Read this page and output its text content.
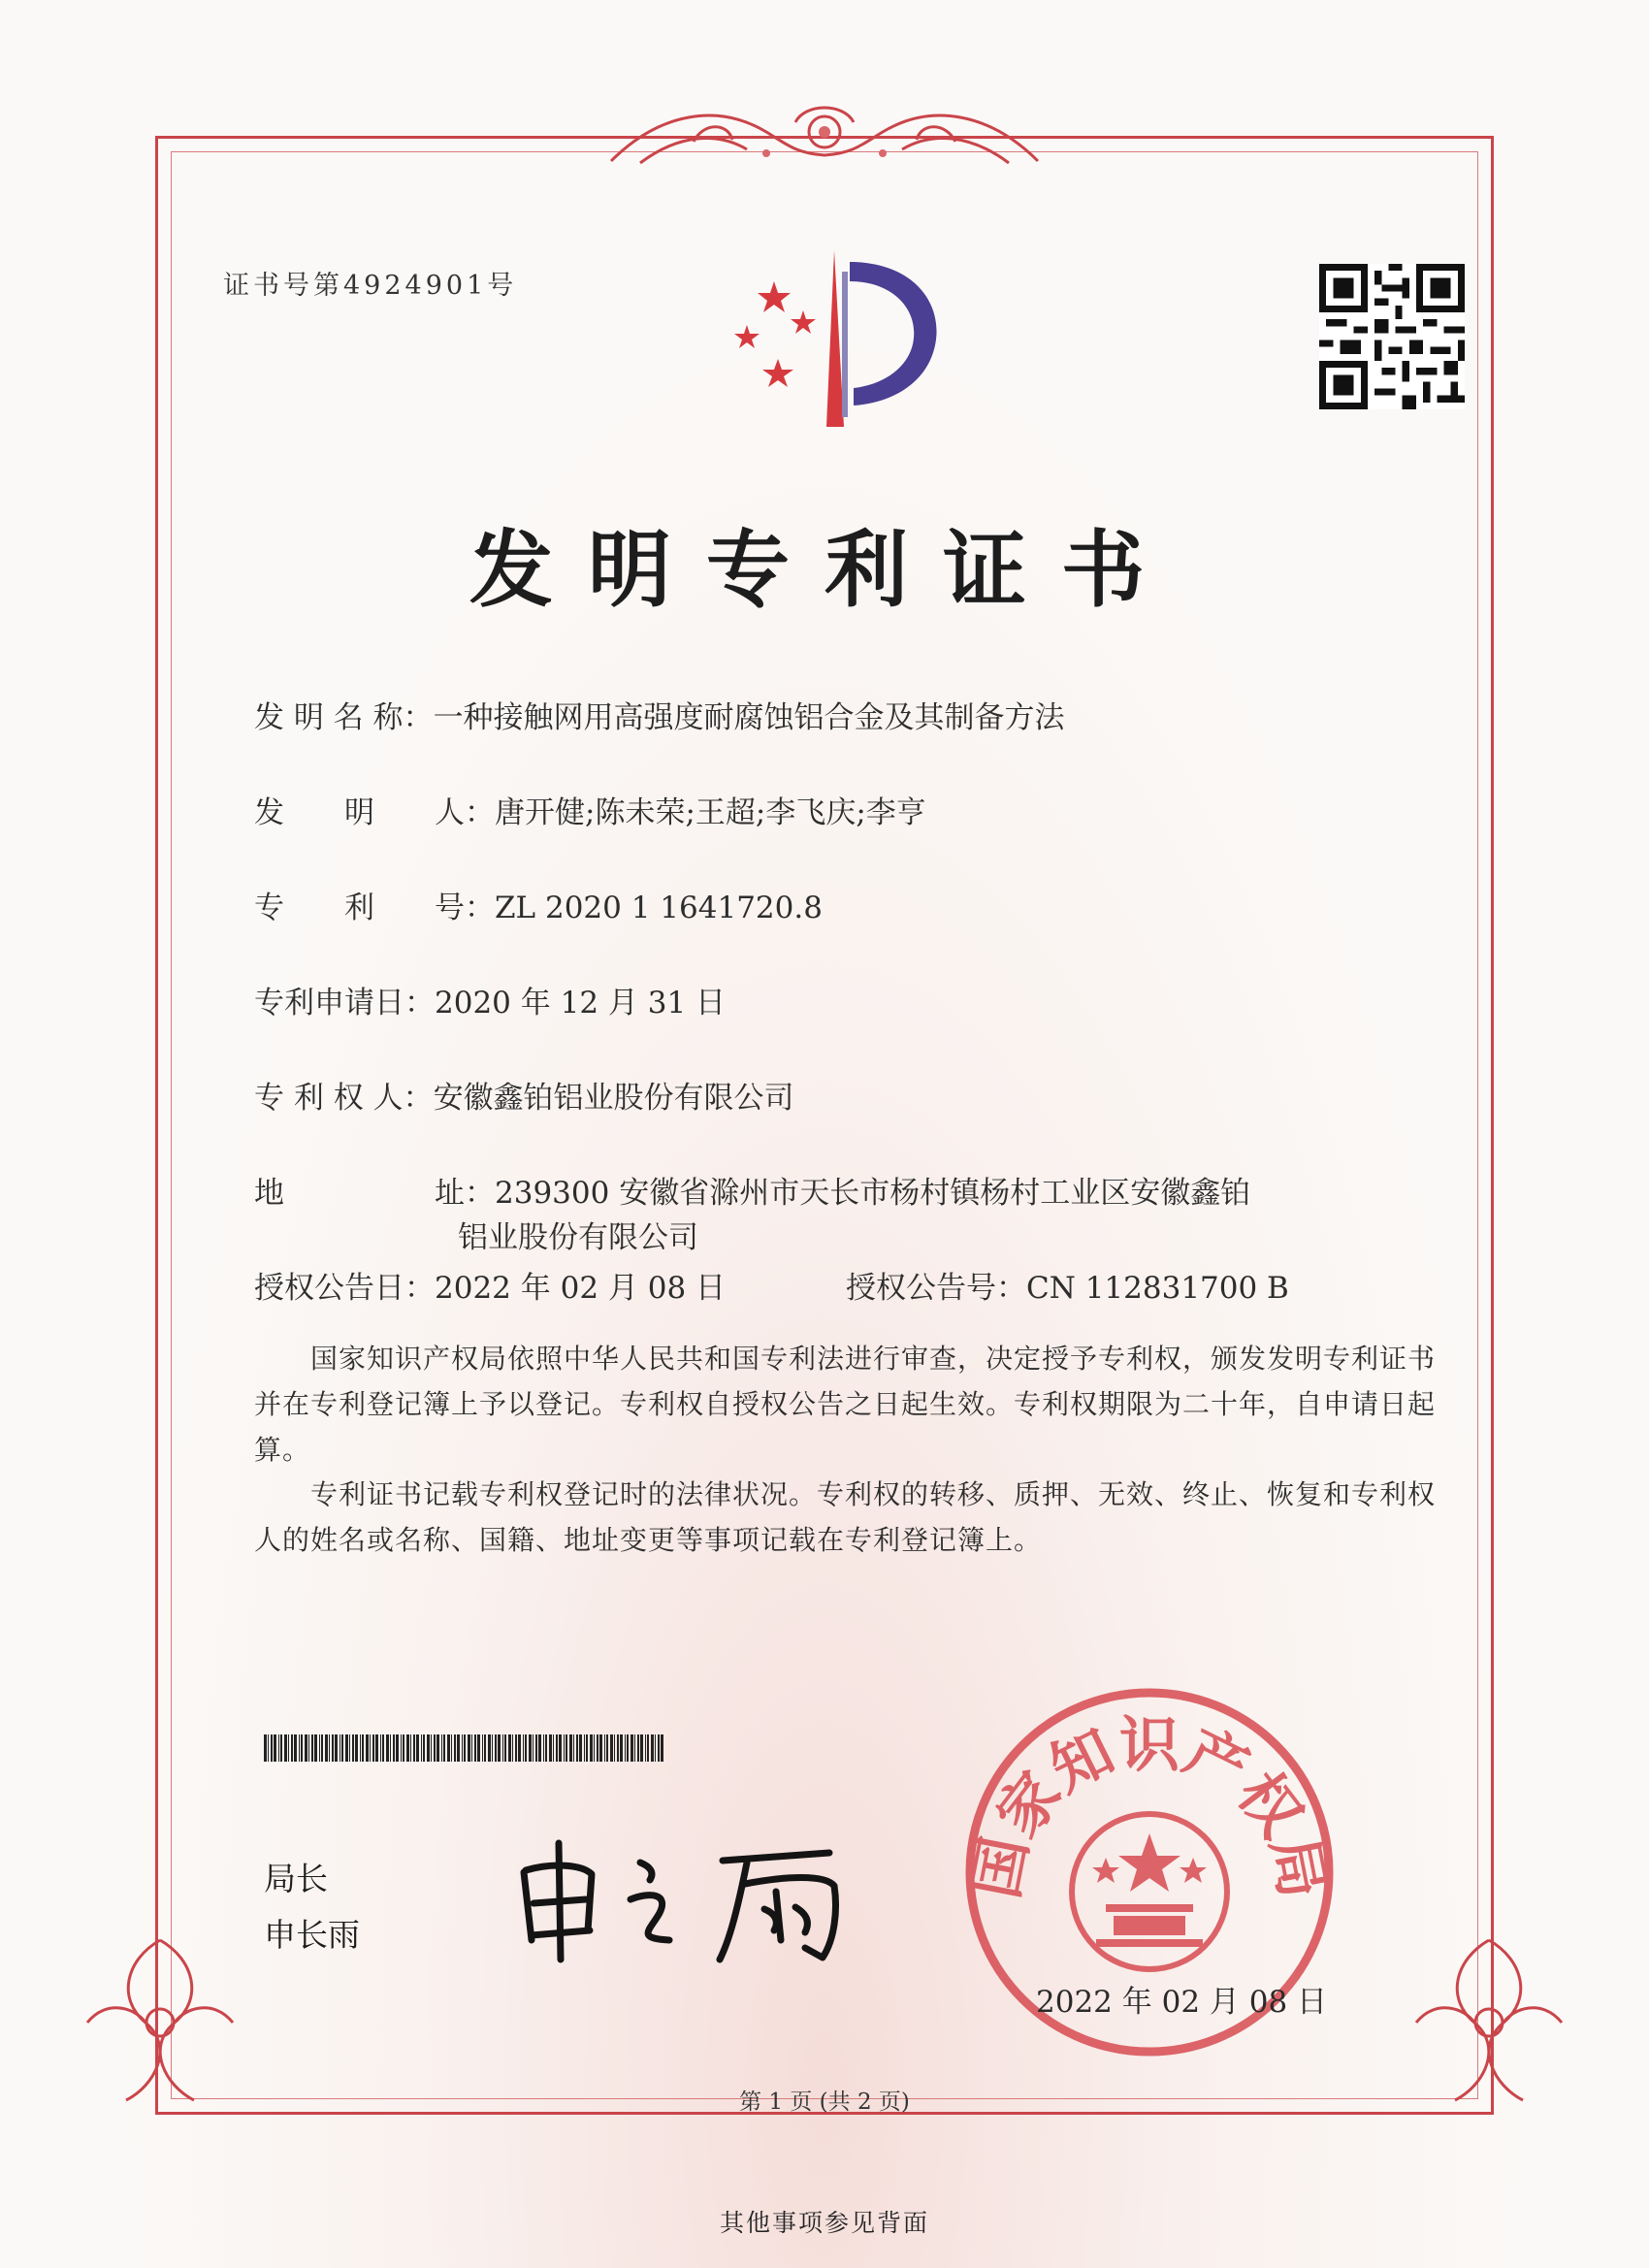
证书号第4924901号
发明专利证书
发 明 名 称：一种接触网用高强度耐腐蚀铝合金及其制备方法
发　　明　　人：唐开健;陈未荣;王超;李飞庆;李亨
专　　利　　号：ZL 2020 1 1641720.8
专利申请日：2020 年 12 月 31 日
专 利 权 人：安徽鑫铂铝业股份有限公司
地　　　　　址：239300 安徽省滁州市天长市杨村镇杨村工业区安徽鑫铂
铝业股份有限公司
授权公告日：2022 年 02 月 08 日	授权公告号：CN 112831700 B
　　国家知识产权局依照中华人民共和国专利法进行审查，决定授予专利权，颁发发明专利证书并在专利登记簿上予以登记。专利权自授权公告之日起生效。专利权期限为二十年，自申请日起算。
　　专利证书记载专利权登记时的法律状况。专利权的转移、质押、无效、终止、恢复和专利权人的姓名或名称、国籍、地址变更等事项记载在专利登记簿上。
局长
申长雨
国家知识产权局
2022 年 02 月 08 日
第 1 页 (共 2 页)
其他事项参见背面
